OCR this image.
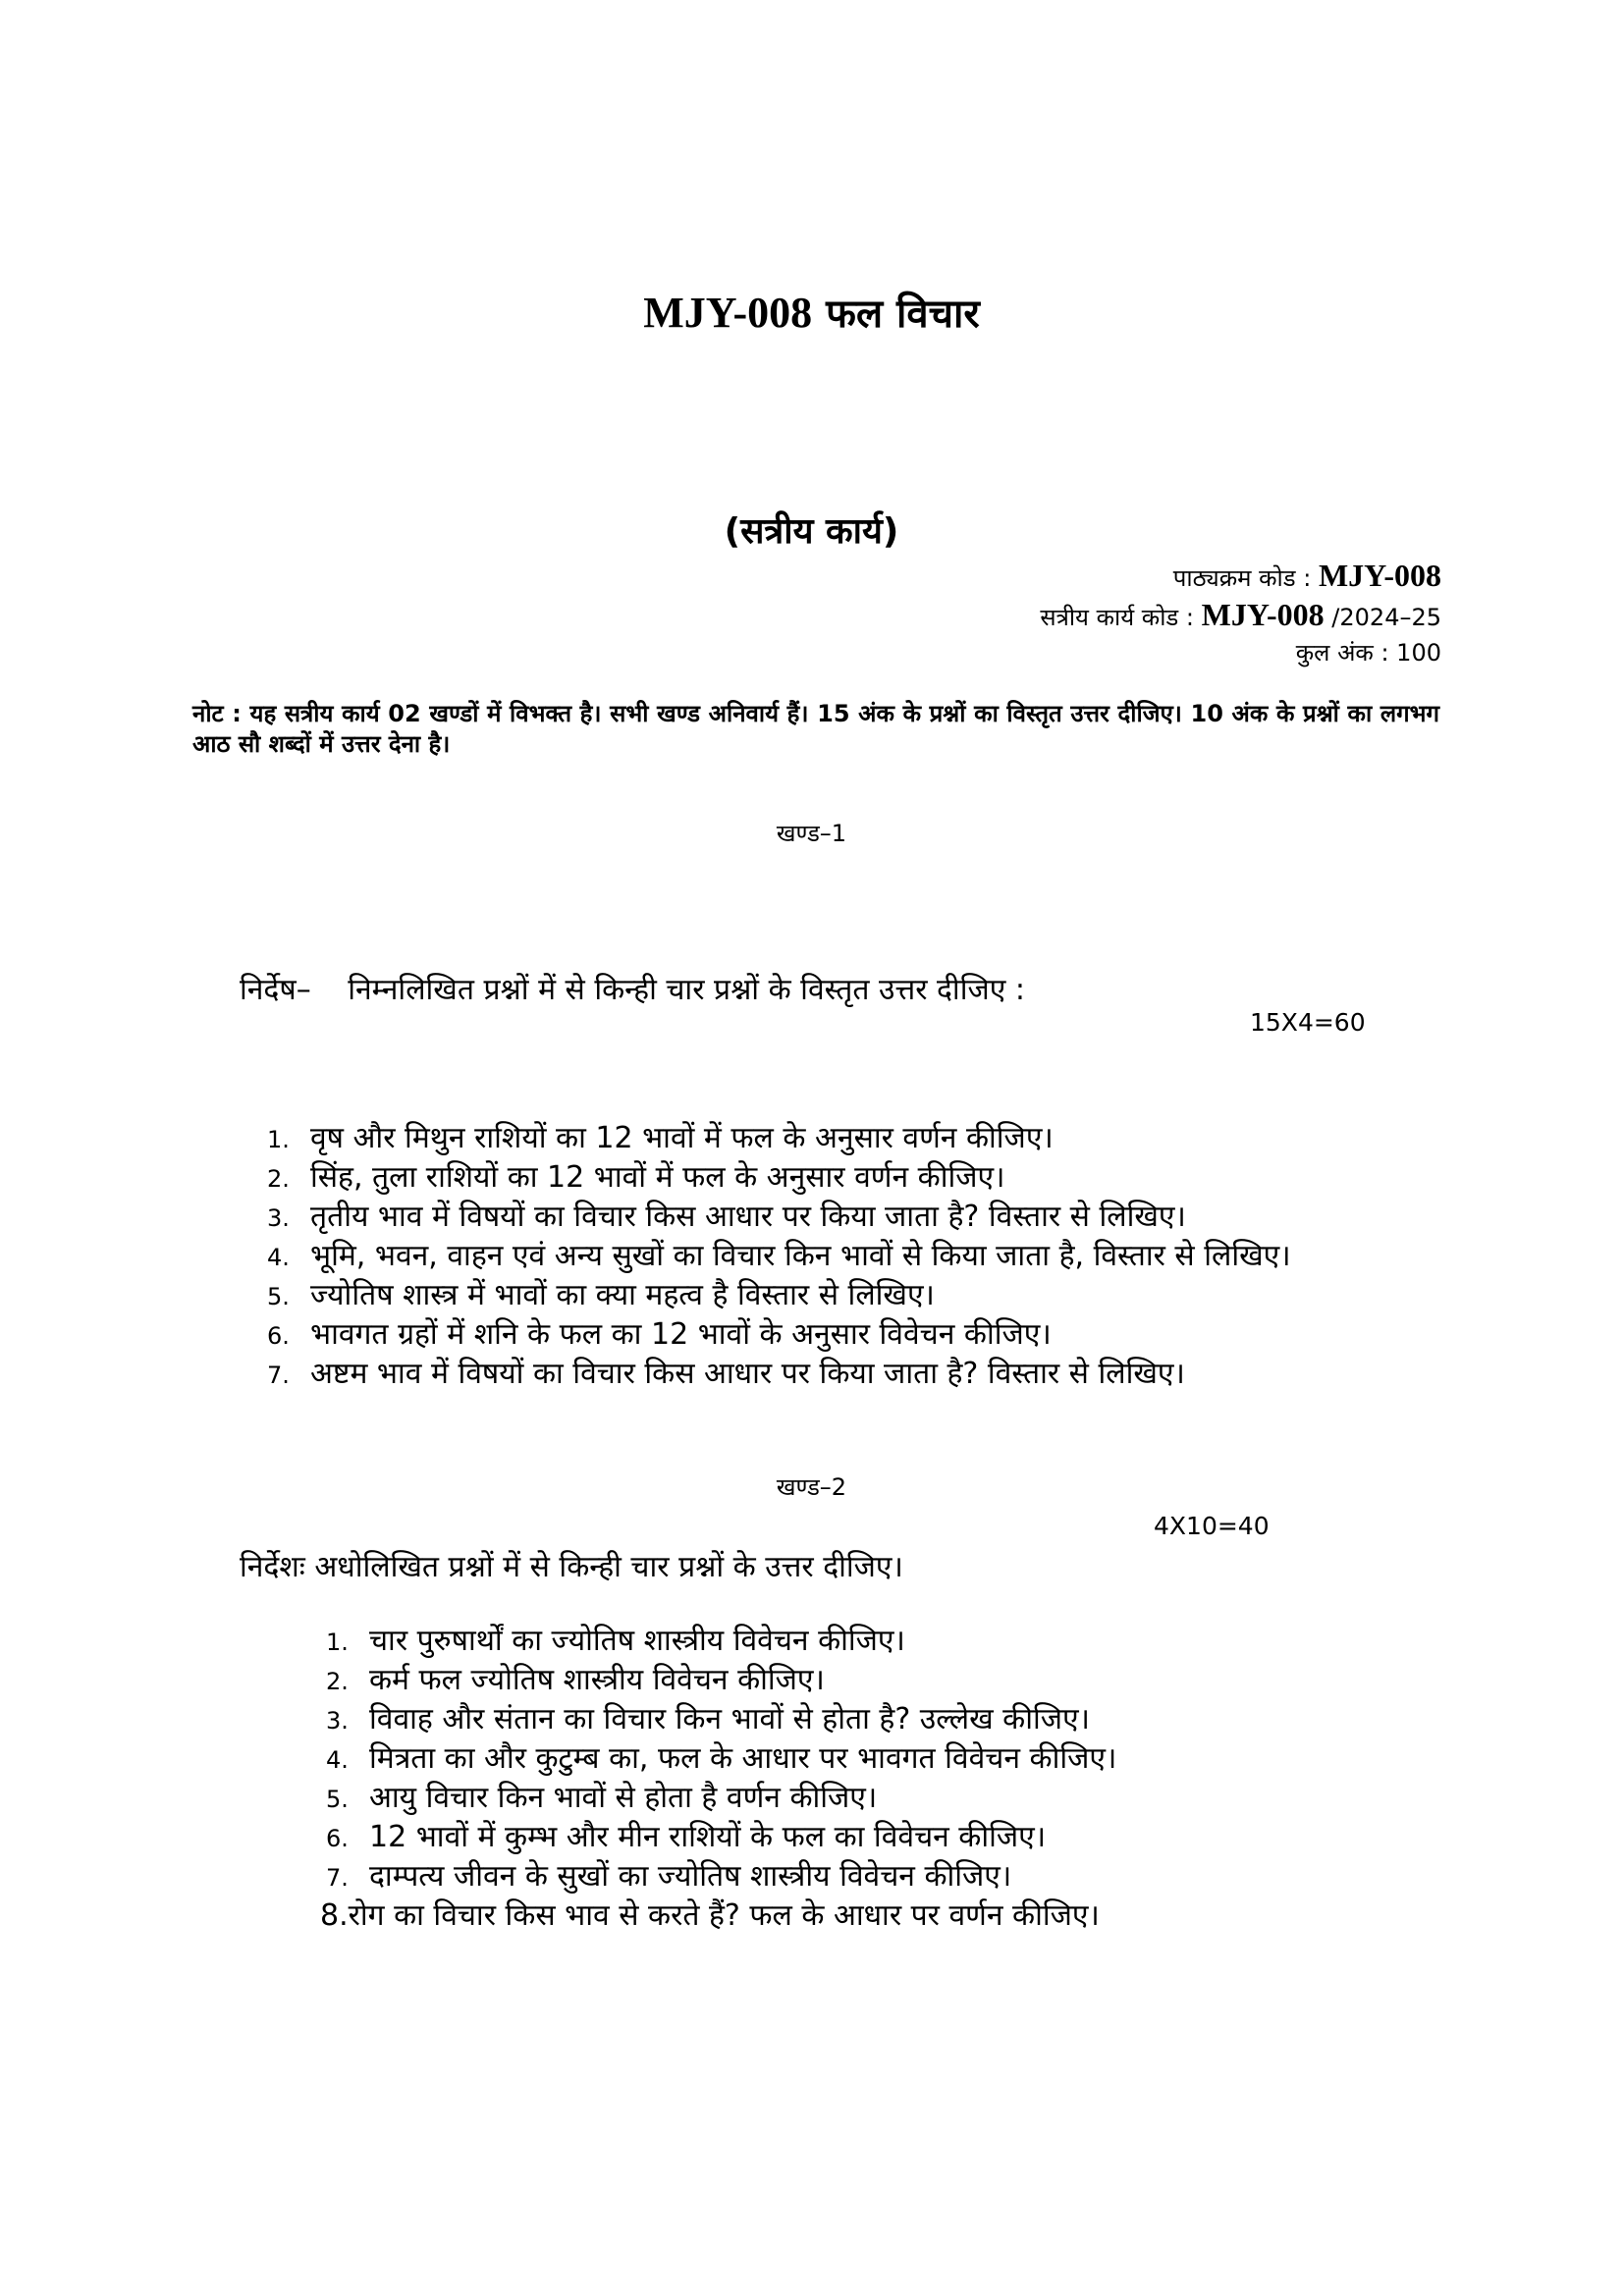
MJY-008 फल विचार
(सत्रीय कार्य)
पाठ्यक्रम कोड : MJY-008
सत्रीय कार्य कोड : MJY-008 /2024–25
कुल अंक : 100
नोट : यह सत्रीय कार्य 02 खण्डों में विभक्त है। सभी खण्ड अनिवार्य हैं। 15 अंक के प्रश्नों का विस्तृत उत्तर दीजिए। 10 अंक के प्रश्नों का लगभग आठ सौ शब्दों में उत्तर देना है।
खण्ड–1
निर्देष– निम्नलिखित प्रश्नों में से किन्ही चार प्रश्नों के विस्तृत उत्तर दीजिए :
15X4=60
1. वृष और मिथुन राशियों का 12 भावों में फल के अनुसार वर्णन कीजिए।
2. सिंह, तुला राशियों का 12 भावों में फल के अनुसार वर्णन कीजिए।
3. तृतीय भाव में विषयों का विचार किस आधार पर किया जाता है? विस्तार से लिखिए।
4. भूमि, भवन, वाहन एवं अन्य सुखों का विचार किन भावों से किया जाता है, विस्तार से लिखिए।
5. ज्योतिष शास्त्र में भावों का क्या महत्व है विस्तार से लिखिए।
6. भावगत ग्रहों में शनि के फल का 12 भावों के अनुसार विवेचन कीजिए।
7. अष्टम भाव में विषयों का विचार किस आधार पर किया जाता है? विस्तार से लिखिए।
खण्ड–2
4X10=40
निर्देशः अधोलिखित प्रश्नों में से किन्ही चार प्रश्नों के उत्तर दीजिए।
1. चार पुरुषार्थों का ज्योतिष शास्त्रीय विवेचन कीजिए।
2. कर्म फल ज्योतिष शास्त्रीय विवेचन कीजिए।
3. विवाह और संतान का विचार किन भावों से होता है? उल्लेख कीजिए।
4. मित्रता का और कुटुम्ब का, फल के आधार पर भावगत विवेचन कीजिए।
5. आयु विचार किन भावों से होता है वर्णन कीजिए।
6. 12 भावों में कुम्भ और मीन राशियों के फल का विवेचन कीजिए।
7. दाम्पत्य जीवन के सुखों का ज्योतिष शास्त्रीय विवेचन कीजिए।
8.रोग का विचार किस भाव से करते हैं? फल के आधार पर वर्णन कीजिए।
